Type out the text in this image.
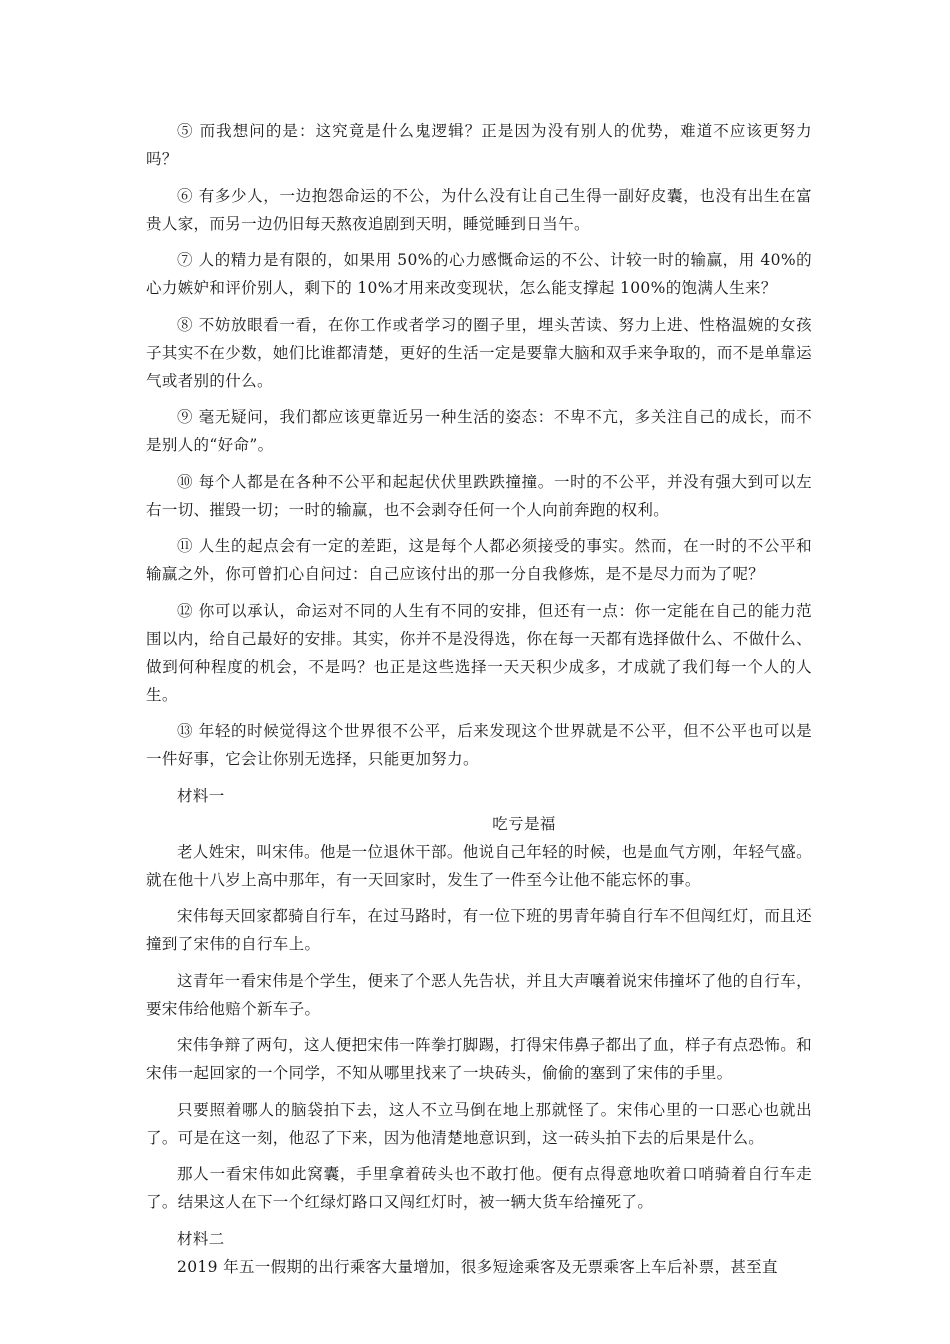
⑤ 而我想问的是：这究竟是什么鬼逻辑？正是因为没有别人的优势，难道不应该更努力吗？

⑥ 有多少人，一边抱怨命运的不公，为什么没有让自己生得一副好皮囊，也没有出生在富贵人家，而另一边仍旧每天熬夜追剧到天明，睡觉睡到日当午。

⑦ 人的精力是有限的，如果用 50%的心力感慨命运的不公、计较一时的输赢，用 40%的心力嫉妒和评价别人，剩下的 10%才用来改变现状，怎么能支撑起 100%的饱满人生来？

⑧ 不妨放眼看一看，在你工作或者学习的圈子里，埋头苦读、努力上进、性格温婉的女孩子其实不在少数，她们比谁都清楚，更好的生活一定是要靠大脑和双手来争取的，而不是单靠运气或者别的什么。

⑨ 毫无疑问，我们都应该更靠近另一种生活的姿态：不卑不亢，多关注自己的成长，而不是别人的“好命”。

⑩ 每个人都是在各种不公平和起起伏伏里跌跌撞撞。一时的不公平，并没有强大到可以左右一切、摧毁一切；一时的输赢，也不会剥夺任何一个人向前奔跑的权利。

⑪ 人生的起点会有一定的差距，这是每个人都必须接受的事实。然而，在一时的不公平和输赢之外，你可曾扪心自问过：自己应该付出的那一分自我修炼，是不是尽力而为了呢？

⑫ 你可以承认，命运对不同的人生有不同的安排，但还有一点：你一定能在自己的能力范围以内，给自己最好的安排。其实，你并不是没得选，你在每一天都有选择做什么、不做什么、做到何种程度的机会，不是吗？也正是这些选择一天天积少成多，才成就了我们每一个人的人生。

⑬ 年轻的时候觉得这个世界很不公平，后来发现这个世界就是不公平，但不公平也可以是一件好事，它会让你别无选择，只能更加努力。

材料一

吃亏是福

老人姓宋，叫宋伟。他是一位退休干部。他说自己年轻的时候，也是血气方刚，年轻气盛。就在他十八岁上高中那年，有一天回家时，发生了一件至今让他不能忘怀的事。

宋伟每天回家都骑自行车，在过马路时，有一位下班的男青年骑自行车不但闯红灯，而且还撞到了宋伟的自行车上。

这青年一看宋伟是个学生，便来了个恶人先告状，并且大声嚷着说宋伟撞坏了他的自行车，要宋伟给他赔个新车子。

宋伟争辩了两句，这人便把宋伟一阵拳打脚踢，打得宋伟鼻子都出了血，样子有点恐怖。和宋伟一起回家的一个同学，不知从哪里找来了一块砖头，偷偷的塞到了宋伟的手里。

只要照着哪人的脑袋拍下去，这人不立马倒在地上那就怪了。宋伟心里的一口恶心也就出了。可是在这一刻，他忍了下来，因为他清楚地意识到，这一砖头拍下去的后果是什么。

那人一看宋伟如此窝囊，手里拿着砖头也不敢打他。便有点得意地吹着口哨骑着自行车走了。结果这人在下一个红绿灯路口又闯红灯时，被一辆大货车给撞死了。

材料二

2019 年五一假期的出行乘客大量增加，很多短途乘客及无票乘客上车后补票，甚至直
